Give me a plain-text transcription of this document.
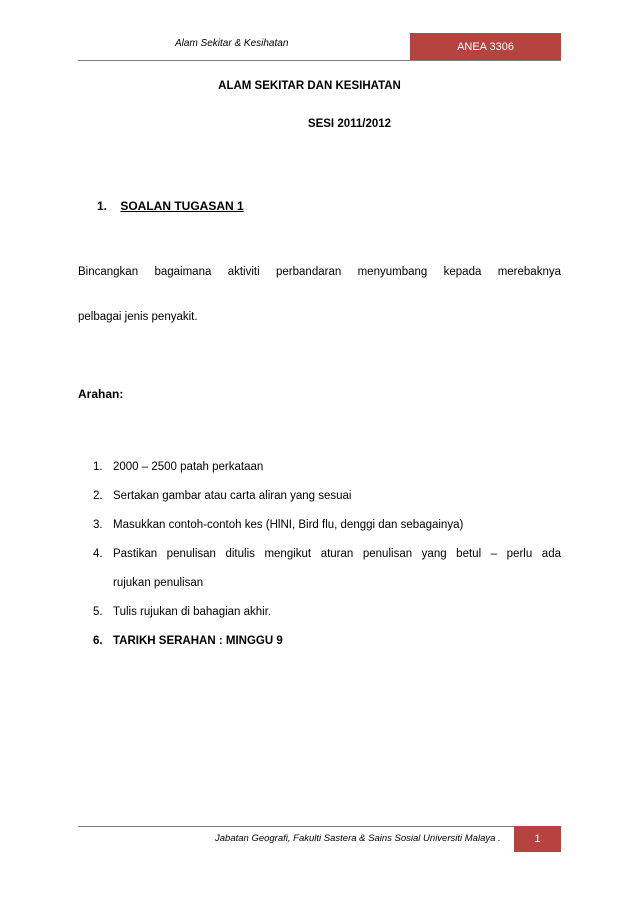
Alam Sekitar & Kesihatan	ANEA 3306
ALAM SEKITAR DAN KESIHATAN
SESI 2011/2012
1. SOALAN TUGASAN 1
Bincangkan bagaimana aktiviti perbandaran menyumbang kepada merebaknya
pelbagai jenis penyakit.
Arahan:
1. 2000 – 2500 patah perkataan
2. Sertakan gambar atau carta aliran yang sesuai
3. Masukkan contoh-contoh kes (HlNI, Bird flu, denggi dan sebagainya)
4. Pastikan penulisan ditulis mengikut aturan penulisan yang betul – perlu ada
rujukan penulisan
5. Tulis rujukan di bahagian akhir.
6. TARIKH SERAHAN : MINGGU 9
Jabatan Geografi, Fakulti Sastera & Sains Sosial Universiti Malaya .	1
